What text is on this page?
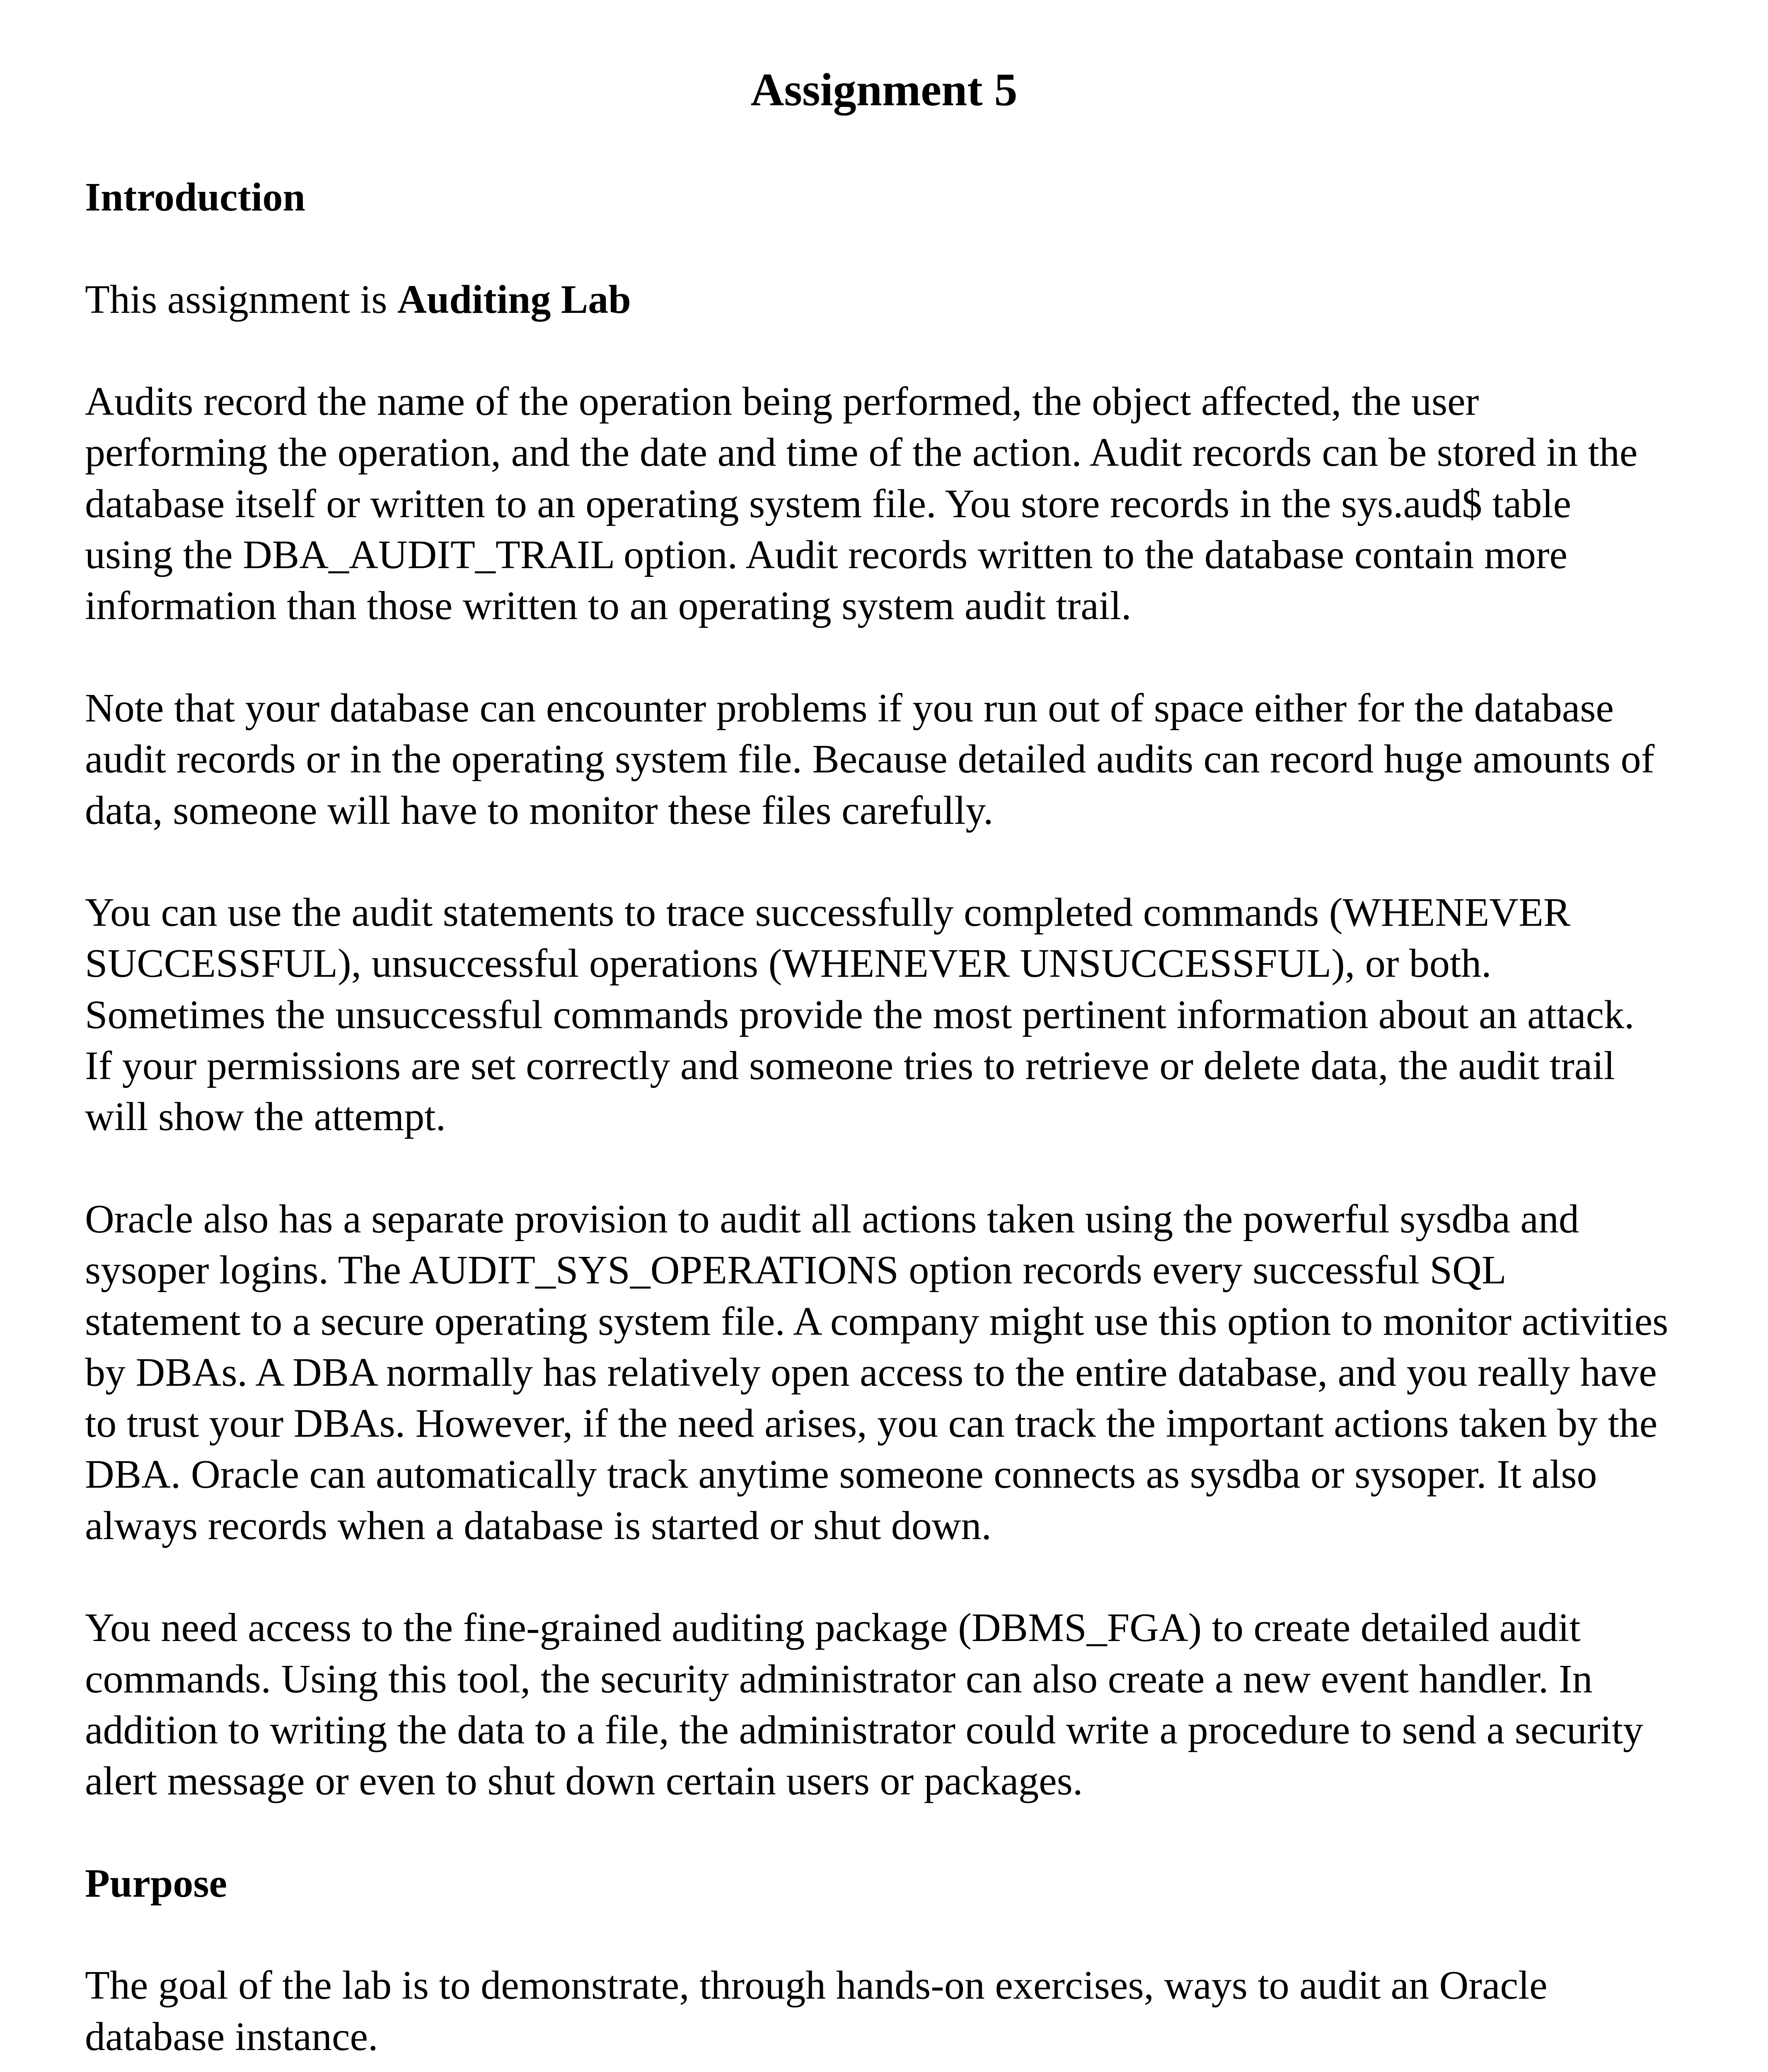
Assignment 5
Introduction
This assignment is Auditing Lab
Audits record the name of the operation being performed, the object affected, the user
performing the operation, and the date and time of the action. Audit records can be stored in the
database itself or written to an operating system file. You store records in the sys.aud$ table
using the DBA_AUDIT_TRAIL option. Audit records written to the database contain more
information than those written to an operating system audit trail.
Note that your database can encounter problems if you run out of space either for the database
audit records or in the operating system file. Because detailed audits can record huge amounts of
data, someone will have to monitor these files carefully.
You can use the audit statements to trace successfully completed commands (WHENEVER
SUCCESSFUL), unsuccessful operations (WHENEVER UNSUCCESSFUL), or both.
Sometimes the unsuccessful commands provide the most pertinent information about an attack.
If your permissions are set correctly and someone tries to retrieve or delete data, the audit trail
will show the attempt.
Oracle also has a separate provision to audit all actions taken using the powerful sysdba and
sysoper logins. The AUDIT_SYS_OPERATIONS option records every successful SQL
statement to a secure operating system file. A company might use this option to monitor activities
by DBAs. A DBA normally has relatively open access to the entire database, and you really have
to trust your DBAs. However, if the need arises, you can track the important actions taken by the
DBA. Oracle can automatically track anytime someone connects as sysdba or sysoper. It also
always records when a database is started or shut down.
You need access to the fine-grained auditing package (DBMS_FGA) to create detailed audit
commands. Using this tool, the security administrator can also create a new event handler. In
addition to writing the data to a file, the administrator could write a procedure to send a security
alert message or even to shut down certain users or packages.
Purpose
The goal of the lab is to demonstrate, through hands-on exercises, ways to audit an Oracle
database instance.
